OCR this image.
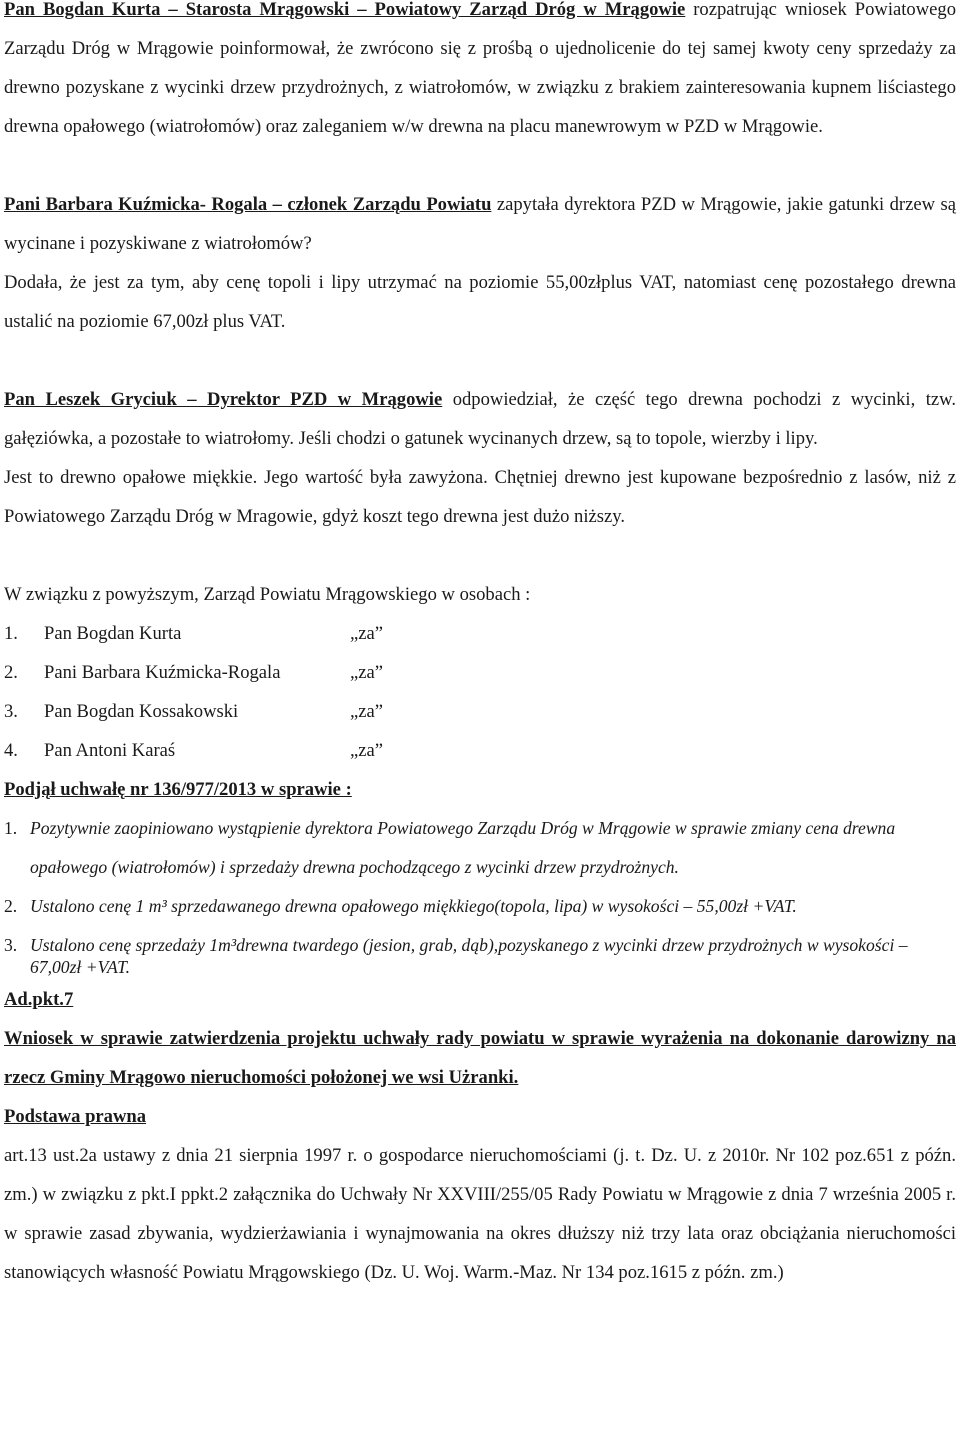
Pan Bogdan Kurta – Starosta Mrągowski – Powiatowy Zarząd Dróg w Mrągowie rozpatrując wniosek Powiatowego Zarządu Dróg w Mrągowie poinformował, że zwrócono się z prośbą o ujednolicenie do tej samej kwoty ceny sprzedaży za drewno pozyskane z wycinki drzew przydrożnych, z wiatrołomów, w związku z brakiem zainteresowania kupnem liściastego drewna opałowego (wiatrołomów) oraz zaleganiem w/w drewna na placu manewrowym w PZD w Mrągowie.

Pani Barbara Kuźmicka- Rogala – członek Zarządu Powiatu zapytała dyrektora PZD w Mrągowie, jakie gatunki drzew są wycinane i pozyskiwane z wiatrołomów?

Dodała, że jest za tym, aby cenę topoli i lipy utrzymać na poziomie 55,00złplus VAT, natomiast cenę pozostałego drewna ustalić na poziomie 67,00zł plus VAT.

Pan Leszek Gryciuk – Dyrektor PZD w Mrągowie odpowiedział, że część tego drewna pochodzi z wycinki, tzw. gałęziówka, a pozostałe to wiatrołomy. Jeśli chodzi o gatunek wycinanych drzew, są to topole, wierzby i lipy.

Jest to drewno opałowe miękkie. Jego wartość była zawyżona. Chętniej drewno jest kupowane bezpośrednio z lasów, niż z Powiatowego Zarządu Dróg w Mragowie, gdyż koszt tego drewna jest dużo niższy.

W związku z powyższym, Zarząd Powiatu Mrągowskiego w osobach :

1.	Pan Bogdan Kurta	„za”
2.	Pani Barbara Kuźmicka-Rogala	„za”
3.	Pan Bogdan Kossakowski	„za”
4.	Pan Antoni Karaś	„za”

Podjął uchwałę nr 136/977/2013 w sprawie :

1. Pozytywnie zaopiniowano wystąpienie dyrektora Powiatowego Zarządu Dróg w Mrągowie w sprawie zmiany cena drewna opałowego (wiatrołomów) i sprzedaży drewna pochodzącego z wycinki drzew przydrożnych.
2. Ustalono cenę 1 m³ sprzedawanego drewna opałowego miękkiego(topola, lipa) w wysokości – 55,00zł +VAT.
3. Ustalono cenę sprzedaży 1m³drewna twardego (jesion, grab, dąb),pozyskanego z wycinki drzew przydrożnych w wysokości – 67,00zł +VAT.

Ad.pkt.7

Wniosek w sprawie zatwierdzenia projektu uchwały rady powiatu w sprawie wyrażenia na dokonanie darowizny na rzecz Gminy Mrągowo nieruchomości położonej we wsi Użranki.

Podstawa prawna

art.13 ust.2a ustawy z dnia 21 sierpnia 1997 r. o gospodarce nieruchomościami (j. t. Dz. U. z 2010r. Nr 102 poz.651 z późn. zm.) w związku z pkt.I ppkt.2 załącznika do Uchwały Nr XXVIII/255/05 Rady Powiatu w Mrągowie z dnia 7 września 2005 r. w sprawie zasad zbywania, wydzierżawiania i wynajmowania na okres dłuższy niż trzy lata oraz obciążania nieruchomości stanowiących własność Powiatu Mrągowskiego (Dz. U. Woj. Warm.-Maz. Nr 134 poz.1615 z późn. zm.)
